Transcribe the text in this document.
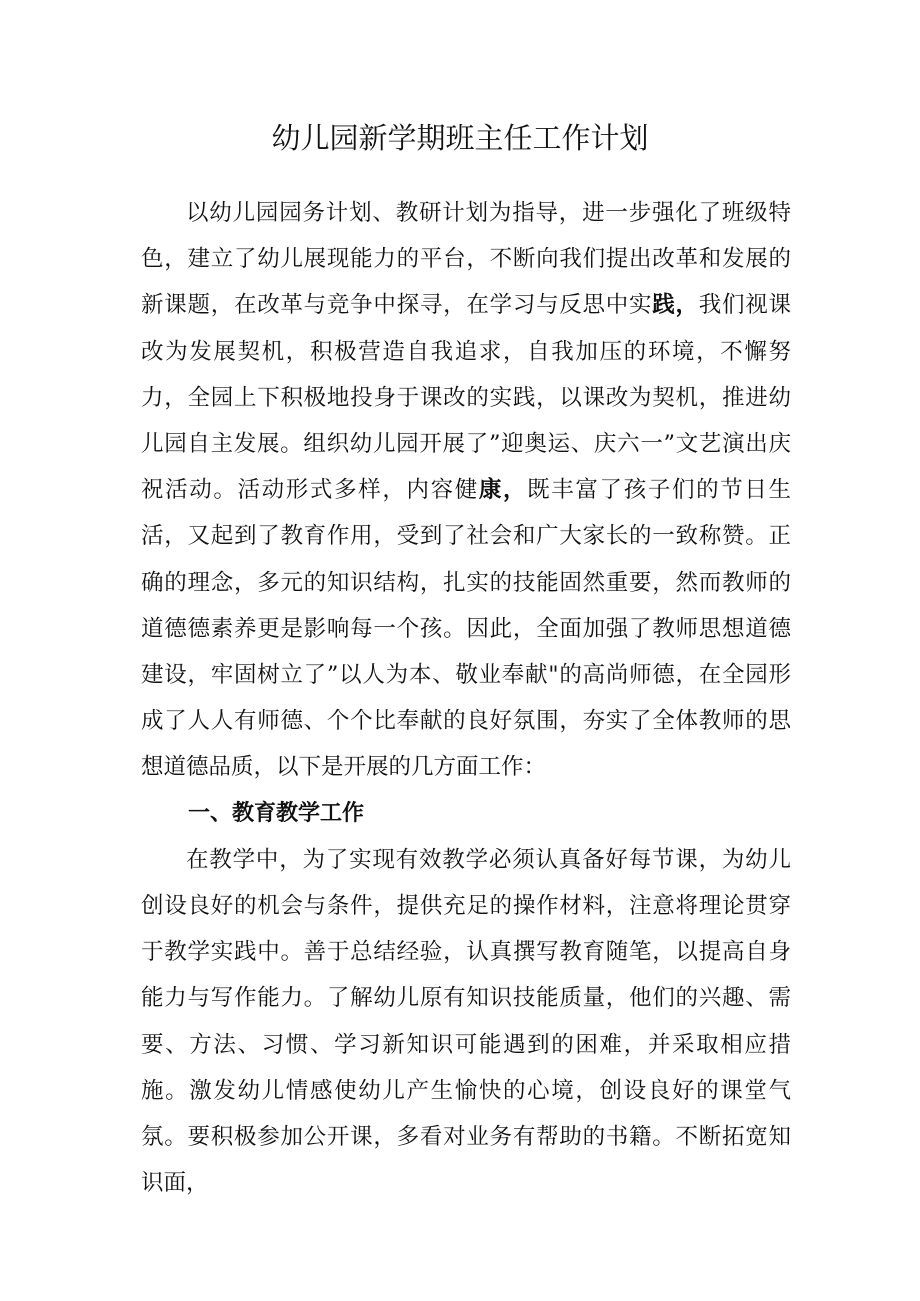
幼儿园新学期班主任工作计划

以幼儿园园务计划、教研计划为指导，进一步强化了班级特色，建立了幼儿展现能力的平台，不断向我们提出改革和发展的新课题，在改革与竞争中探寻，在学习与反思中实践，我们视课改为发展契机，积极营造自我追求，自我加压的环境，不懈努力，全园上下积极地投身于课改的实践，以课改为契机，推进幼儿园自主发展。组织幼儿园开展了”迎奥运、庆六一”文艺演出庆祝活动。活动形式多样，内容健康，既丰富了孩子们的节日生活，又起到了教育作用，受到了社会和广大家长的一致称赞。正确的理念，多元的知识结构，扎实的技能固然重要，然而教师的道德德素养更是影响每一个孩。因此，全面加强了教师思想道德建设，牢固树立了”以人为本、敬业奉献"的高尚师德，在全园形成了人人有师德、个个比奉献的良好氛围，夯实了全体教师的思想道德品质，以下是开展的几方面工作：

一、教育教学工作

在教学中，为了实现有效教学必须认真备好每节课，为幼儿创设良好的机会与条件，提供充足的操作材料，注意将理论贯穿于教学实践中。善于总结经验，认真撰写教育随笔，以提高自身能力与写作能力。了解幼儿原有知识技能质量，他们的兴趣、需要、方法、习惯、学习新知识可能遇到的困难，并采取相应措施。激发幼儿情感使幼儿产生愉快的心境，创设良好的课堂气氛。要积极参加公开课，多看对业务有帮助的书籍。不断拓宽知识面，
